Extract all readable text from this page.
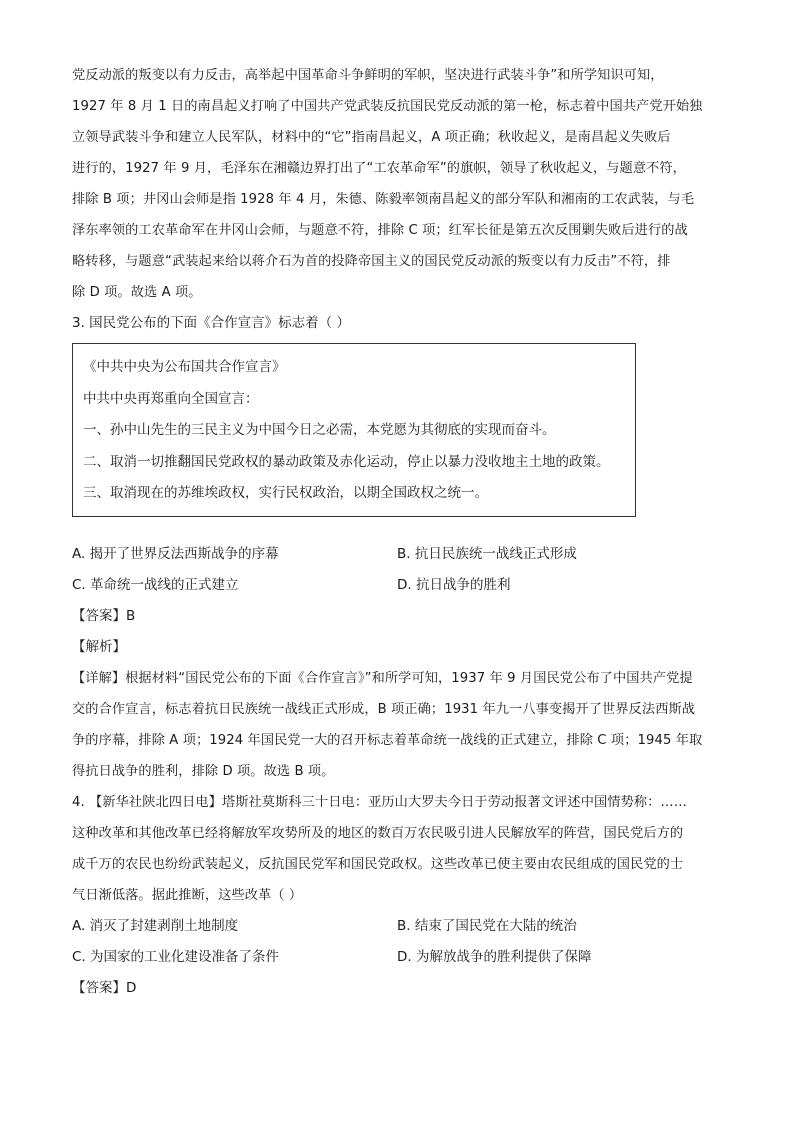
党反动派的叛变以有力反击，高举起中国革命斗争鲜明的军帜，坚决进行武装斗争”和所学知识可知，
1927 年 8 月 1 日的南昌起义打响了中国共产党武装反抗国民党反动派的第一枪，标志着中国共产党开始独
立领导武装斗争和建立人民军队，材料中的“它”指南昌起义，A 项正确；秋收起义，是南昌起义失败后
进行的，1927 年 9 月，毛泽东在湘赣边界打出了“工农革命军”的旗帜，领导了秋收起义，与题意不符，
排除 B 项；井冈山会师是指 1928 年 4 月，朱德、陈毅率领南昌起义的部分军队和湘南的工农武装，与毛
泽东率领的工农革命军在井冈山会师，与题意不符，排除 C 项；红军长征是第五次反围剿失败后进行的战
略转移，与题意“武装起来给以蒋介石为首的投降帝国主义的国民党反动派的叛变以有力反击”不符，排
除 D 项。故选 A 项。

3. 国民党公布的下面《合作宣言》标志着（ ）
《中共中央为公布国共合作宣言》
中共中央再郑重向全国宣言：
一、孙中山先生的三民主义为中国今日之必需，本党愿为其彻底的实现而奋斗。
二、取消一切推翻国民党政权的暴动政策及赤化运动，停止以暴力没收地主土地的政策。
三、取消现在的苏维埃政权，实行民权政治，以期全国政权之统一。
A. 揭开了世界反法西斯战争的序幕	B. 抗日民族统一战线正式形成
C. 革命统一战线的正式建立	D. 抗日战争的胜利
【答案】B
【解析】

【详解】根据材料“国民党公布的下面《合作宣言》”和所学可知，1937 年 9 月国民党公布了中国共产党提
交的合作宣言，标志着抗日民族统一战线正式形成，B 项正确；1931 年九一八事变揭开了世界反法西斯战
争的序幕，排除 A 项；1924 年国民党一大的召开标志着革命统一战线的正式建立，排除 C 项；1945 年取
得抗日战争的胜利，排除 D 项。故选 B 项。

4. 【新华社陕北四日电】塔斯社莫斯科三十日电：亚历山大罗夫今日于劳动报著文评述中国情势称：……
这种改革和其他改革已经将解放军攻势所及的地区的数百万农民吸引进人民解放军的阵营，国民党后方的
成千万的农民也纷纷武装起义，反抗国民党军和国民党政权。这些改革已使主要由农民组成的国民党的士
气日渐低落。据此推断，这些改革（ ）

A. 消灭了封建剥削土地制度	B. 结束了国民党在大陆的统治
C. 为国家的工业化建设准备了条件	D. 为解放战争的胜利提供了保障
【答案】D
